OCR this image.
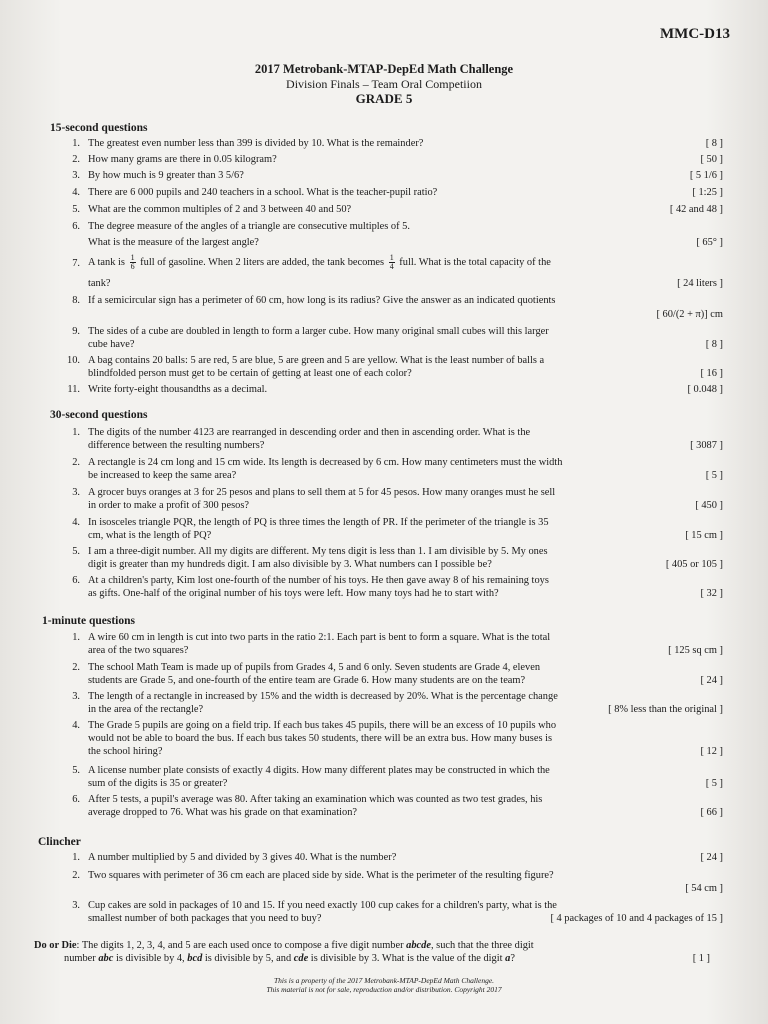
MMC-D13
2017 Metrobank-MTAP-DepEd Math Challenge
Division Finals – Team Oral Competiion
GRADE 5
15-second questions
1. The greatest even number less than 399 is divided by 10. What is the remainder?	[ 8 ]
2. How many grams are there in 0.05 kilogram?	[ 50 ]
3. By how much is 9 greater than 3 5/6?	[ 5 1/6 ]
4. There are 6 000 pupils and 240 teachers in a school. What is the teacher-pupil ratio?	[ 1:25 ]
5. What are the common multiples of 2 and 3 between 40 and 50?	[ 42 and 48 ]
6. The degree measure of the angles of a triangle are consecutive multiples of 5.
What is the measure of the largest angle?	[ 65° ]
7. A tank is $\frac{1}{6}$ full of gasoline. When 2 liters are added, the tank becomes $\frac{1}{4}$ full. What is the total capacity of the
tank?	[ 24 liters ]
8. If a semicircular sign has a perimeter of 60 cm, how long is its radius? Give the answer as an indicated quotients
[ 60/(2 + π)] cm
9. The sides of a cube are doubled in length to form a larger cube. How many original small cubes will this larger
cube have?	[ 8 ]
10. A bag contains 20 balls: 5 are red, 5 are blue, 5 are green and 5 are yellow. What is the least number of balls a
blindfolded person must get to be certain of getting at least one of each color?	[ 16 ]
11. Write forty-eight thousandths as a decimal.	[ 0.048 ]
30-second questions
1. The digits of the number 4123 are rearranged in descending order and then in ascending order. What is the
difference between the resulting numbers?	[ 3087 ]
2. A rectangle is 24 cm long and 15 cm wide. Its length is decreased by 6 cm. How many centimeters must the width
be increased to keep the same area?	[ 5 ]
3. A grocer buys oranges at 3 for 25 pesos and plans to sell them at 5 for 45 pesos. How many oranges must he sell
in order to make a profit of 300 pesos?	[ 450 ]
4. In isosceles triangle PQR, the length of PQ is three times the length of PR. If the perimeter of the triangle is 35
cm, what is the length of PQ?	[ 15 cm ]
5. I am a three-digit number. All my digits are different. My tens digit is less than 1. I am divisible by 5. My ones
digit is greater than my hundreds digit. I am also divisible by 3. What numbers can I possible be?	[ 405 or 105 ]
6. At a children's party, Kim lost one-fourth of the number of his toys. He then gave away 8 of his remaining toys
as gifts. One-half of the original number of his toys were left. How many toys had he to start with?	[ 32 ]
1-minute questions
1. A wire 60 cm in length is cut into two parts in the ratio 2:1. Each part is bent to form a square. What is the total
area of the two squares?	[ 125 sq cm ]
2. The school Math Team is made up of pupils from Grades 4, 5 and 6 only. Seven students are Grade 4, eleven
students are Grade 5, and one-fourth of the entire team are Grade 6. How many students are on the team?	[ 24 ]
3. The length of a rectangle in increased by 15% and the width is decreased by 20%. What is the percentage change
in the area of the rectangle?	[ 8% less than the original ]
4. The Grade 5 pupils are going on a field trip. If each bus takes 45 pupils, there will be an excess of 10 pupils who
would not be able to board the bus. If each bus takes 50 students, there will be an extra bus. How many buses is
the school hiring?	[ 12 ]
5. A license number plate consists of exactly 4 digits. How many different plates may be constructed in which the
sum of the digits is 35 or greater?	[ 5 ]
6. After 5 tests, a pupil's average was 80. After taking an examination which was counted as two test grades, his
average dropped to 76. What was his grade on that examination?	[ 66 ]
Clincher
1. A number multiplied by 5 and divided by 3 gives 40. What is the number?	[ 24 ]
2. Two squares with perimeter of 36 cm each are placed side by side. What is the perimeter of the resulting figure?
[ 54 cm ]
3. Cup cakes are sold in packages of 10 and 15. If you need exactly 100 cup cakes for a children's party, what is the
smallest number of both packages that you need to buy?	[ 4 packages of 10 and 4 packages of 15 ]
Do or Die: The digits 1, 2, 3, 4, and 5 are each used once to compose a five digit number abcde, such that the three digit
number abc is divisible by 4, bcd is divisible by 5, and cde is divisible by 3. What is the value of the digit a?	[ 1 ]
This is a property of the 2017 Metrobank-MTAP-DepEd Math Challenge.
This material is not for sale, reproduction and/or distribution. Copyright 2017
